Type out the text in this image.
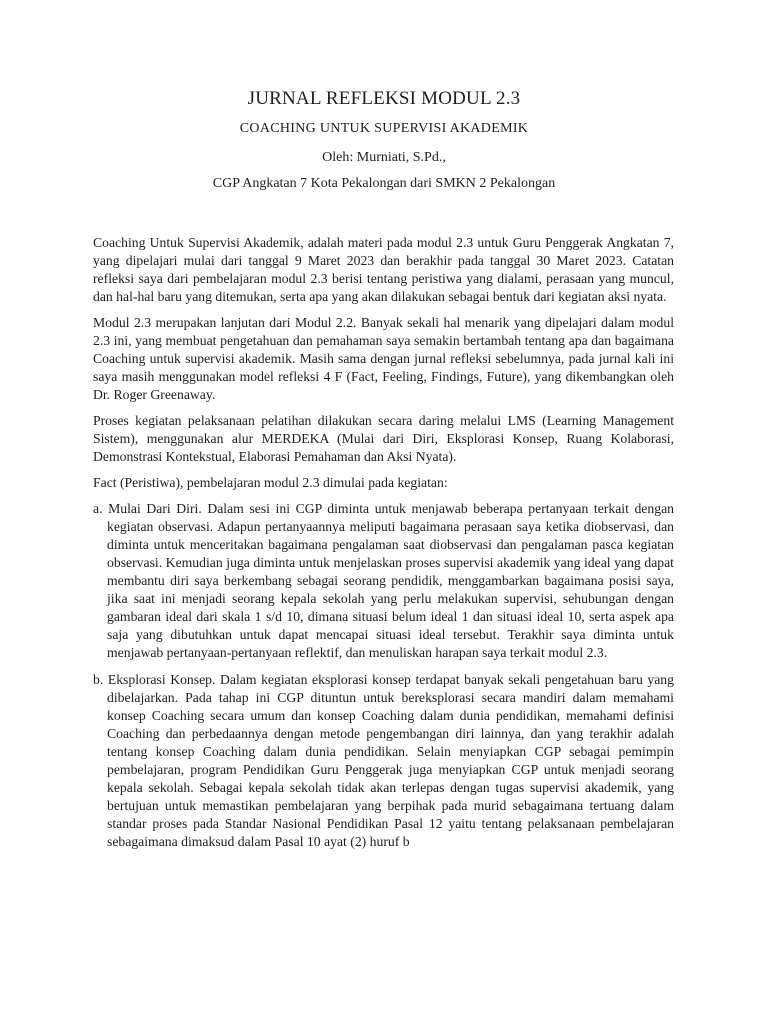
JURNAL REFLEKSI MODUL 2.3
COACHING UNTUK SUPERVISI AKADEMIK
Oleh: Murniati, S.Pd.,
CGP Angkatan 7 Kota Pekalongan dari SMKN 2 Pekalongan

Coaching Untuk Supervisi Akademik, adalah materi pada modul 2.3 untuk Guru Penggerak Angkatan 7, yang dipelajari mulai dari tanggal 9 Maret 2023 dan berakhir pada tanggal 30 Maret 2023. Catatan refleksi saya dari pembelajaran modul 2.3 berisi tentang peristiwa yang dialami, perasaan yang muncul, dan hal-hal baru yang ditemukan, serta apa yang akan dilakukan sebagai bentuk dari kegiatan aksi nyata.

Modul 2.3 merupakan lanjutan dari Modul 2.2. Banyak sekali hal menarik yang dipelajari dalam modul 2.3 ini, yang membuat pengetahuan dan pemahaman saya semakin bertambah tentang apa dan bagaimana Coaching untuk supervisi akademik. Masih sama dengan jurnal refleksi sebelumnya, pada jurnal kali ini saya masih menggunakan model refleksi 4 F (Fact, Feeling, Findings, Future), yang dikembangkan oleh Dr. Roger Greenaway.

Proses kegiatan pelaksanaan pelatihan dilakukan secara daring melalui LMS (Learning Management Sistem), menggunakan alur MERDEKA (Mulai dari Diri, Eksplorasi Konsep, Ruang Kolaborasi, Demonstrasi Kontekstual, Elaborasi Pemahaman dan Aksi Nyata).

Fact (Peristiwa), pembelajaran modul 2.3 dimulai pada kegiatan:

a. Mulai Dari Diri. Dalam sesi ini CGP diminta untuk menjawab beberapa pertanyaan terkait dengan kegiatan observasi. Adapun pertanyaannya meliputi bagaimana perasaan saya ketika diobservasi, dan diminta untuk menceritakan bagaimana pengalaman saat diobservasi dan pengalaman pasca kegiatan observasi. Kemudian juga diminta untuk menjelaskan proses supervisi akademik yang ideal yang dapat membantu diri saya berkembang sebagai seorang pendidik, menggambarkan bagaimana posisi saya, jika saat ini menjadi seorang kepala sekolah yang perlu melakukan supervisi, sehubungan dengan gambaran ideal dari skala 1 s/d 10, dimana situasi belum ideal 1 dan situasi ideal 10, serta aspek apa saja yang dibutuhkan untuk dapat mencapai situasi ideal tersebut. Terakhir saya diminta untuk menjawab pertanyaan-pertanyaan reflektif, dan menuliskan harapan saya terkait modul 2.3.

b. Eksplorasi Konsep. Dalam kegiatan eksplorasi konsep terdapat banyak sekali pengetahuan baru yang dibelajarkan. Pada tahap ini CGP dituntun untuk bereksplorasi secara mandiri dalam memahami konsep Coaching secara umum dan konsep Coaching dalam dunia pendidikan, memahami definisi Coaching dan perbedaannya dengan metode pengembangan diri lainnya, dan yang terakhir adalah tentang konsep Coaching dalam dunia pendidikan. Selain menyiapkan CGP sebagai pemimpin pembelajaran, program Pendidikan Guru Penggerak juga menyiapkan CGP untuk menjadi seorang kepala sekolah. Sebagai kepala sekolah tidak akan terlepas dengan tugas supervisi akademik, yang bertujuan untuk memastikan pembelajaran yang berpihak pada murid sebagaimana tertuang dalam standar proses pada Standar Nasional Pendidikan Pasal 12 yaitu tentang pelaksanaan pembelajaran sebagaimana dimaksud dalam Pasal 10 ayat (2) huruf b
